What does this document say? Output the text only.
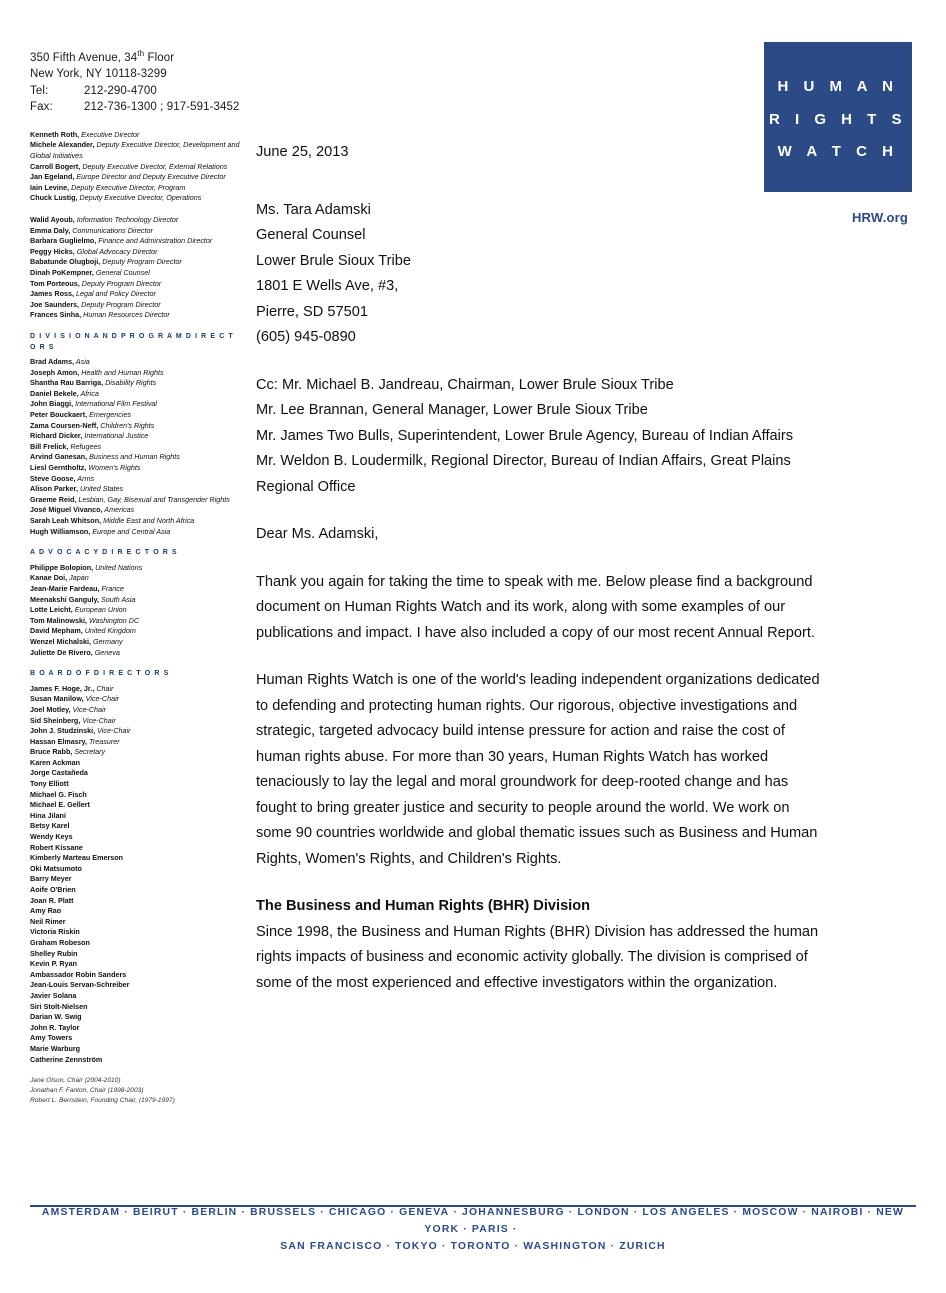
350 Fifth Avenue, 34th Floor
New York, NY 10118-3299
Tel:	212-290-4700
Fax:	212-736-1300 ; 917-591-3452
Kenneth Roth, Executive Director
Michele Alexander, Deputy Executive Director, Development and Global Initiatives
Carroll Bogert, Deputy Executive Director, External Relations
Jan Egeland, Europe Director and Deputy Executive Director
Iain Levine, Deputy Executive Director, Program
Chuck Lustig, Deputy Executive Director, Operations
Walid Ayoub, Information Technology Director
Emma Daly, Communications Director
Barbara Guglielmo, Finance and Administration Director
Peggy Hicks, Global Advocacy Director
Babatunde Olugboji, Deputy Program Director
Dinah PoKempner, General Counsel
Tom Porteous, Deputy Program Director
James Ross, Legal and Policy Director
Joe Saunders, Deputy Program Director
Frances Sinha, Human Resources Director
D I V I S I O N A N D P R O G R A M D I R E C T O R S
Brad Adams, Asia
Joseph Amon, Health and Human Rights
Shantha Rau Barriga, Disability Rights
Daniel Bekele, Africa
John Biaggi, International Film Festival
Peter Bouckaert, Emergencies
Zama Coursen-Neff, Children's Rights
Richard Dicker, International Justice
Bill Frelick, Refugees
Arvind Ganesan, Business and Human Rights
Liesl Gerntholtz, Women's Rights
Steve Goose, Arms
Alison Parker, United States
Graeme Reid, Lesbian, Gay, Bisexual and Transgender Rights
José Miguel Vivanco, Americas
Sarah Leah Whitson, Middle East and North Africa
Hugh Williamson, Europe and Central Asia
A D V O C A C Y D I R E C T O R S
Philippe Bolopion, United Nations
Kanae Doi, Japan
Jean-Marie Fardeau, France
Meenakshi Ganguly, South Asia
Lotte Leicht, European Union
Tom Malinowski, Washington DC
David Mepham, United Kingdom
Wenzel Michalski, Germany
Juliette De Rivero, Geneva
B O A R D O F D I R E C T O R S
James F. Hoge, Jr., Chair
Susan Manilow, Vice-Chair
Joel Motley, Vice-Chair
Sid Sheinberg, Vice-Chair
John J. Studzinski, Vice-Chair
Hassan Elmasry, Treasurer
Bruce Rabb, Secretary
Karen Ackman
Jorge Castañeda
Tony Elliott
Michael G. Fisch
Michael E. Gellert
Hina Jilani
Betsy Karel
Wendy Keys
Robert Kissane
Kimberly Marteau Emerson
Oki Matsumoto
Barry Meyer
Aoife O'Brien
Joan R. Platt
Amy Rao
Neil Rimer
Victoria Riskin
Graham Robeson
Shelley Rubin
Kevin P. Ryan
Ambassador Robin Sanders
Jean-Louis Servan-Schreiber
Javier Solana
Siri Stolt-Nielsen
Darian W. Swig
John R. Taylor
Amy Towers
Marie Warburg
Catherine Zennström
Jane Olson, Chair (2004-2010)
Jonathan F. Fanton, Chair (1998-2003)
Robert L. Bernstein, Founding Chair, (1979-1997)
H U M A N
R I G H T S
W A T C H
HRW.org
June 25, 2013
Ms. Tara Adamski
General Counsel
Lower Brule Sioux Tribe
1801 E Wells Ave, #3,
Pierre, SD 57501
(605) 945-0890
Cc: Mr. Michael B. Jandreau, Chairman, Lower Brule Sioux Tribe
Mr. Lee Brannan, General Manager, Lower Brule Sioux Tribe
Mr. James Two Bulls, Superintendent, Lower Brule Agency, Bureau of Indian Affairs
Mr. Weldon B. Loudermilk, Regional Director, Bureau of Indian Affairs, Great Plains Regional Office
Dear Ms. Adamski,

Thank you again for taking the time to speak with me. Below please find a background document on Human Rights Watch and its work, along with some examples of our publications and impact. I have also included a copy of our most recent Annual Report.

Human Rights Watch is one of the world's leading independent organizations dedicated to defending and protecting human rights. Our rigorous, objective investigations and strategic, targeted advocacy build intense pressure for action and raise the cost of human rights abuse. For more than 30 years, Human Rights Watch has worked tenaciously to lay the legal and moral groundwork for deep-rooted change and has fought to bring greater justice and security to people around the world. We work on some 90 countries worldwide and global thematic issues such as Business and Human Rights, Women's Rights, and Children's Rights.

The Business and Human Rights (BHR) Division
Since 1998, the Business and Human Rights (BHR) Division has addressed the human rights impacts of business and economic activity globally. The division is comprised of some of the most experienced and effective investigators within the organization.
AMSTERDAM · BEIRUT · BERLIN · BRUSSELS · CHICAGO · GENEVA · JOHANNESBURG · LONDON · LOS ANGELES · MOSCOW · NAIROBI · NEW YORK · PARIS ·
SAN FRANCISCO · TOKYO · TORONTO · WASHINGTON · ZURICH
